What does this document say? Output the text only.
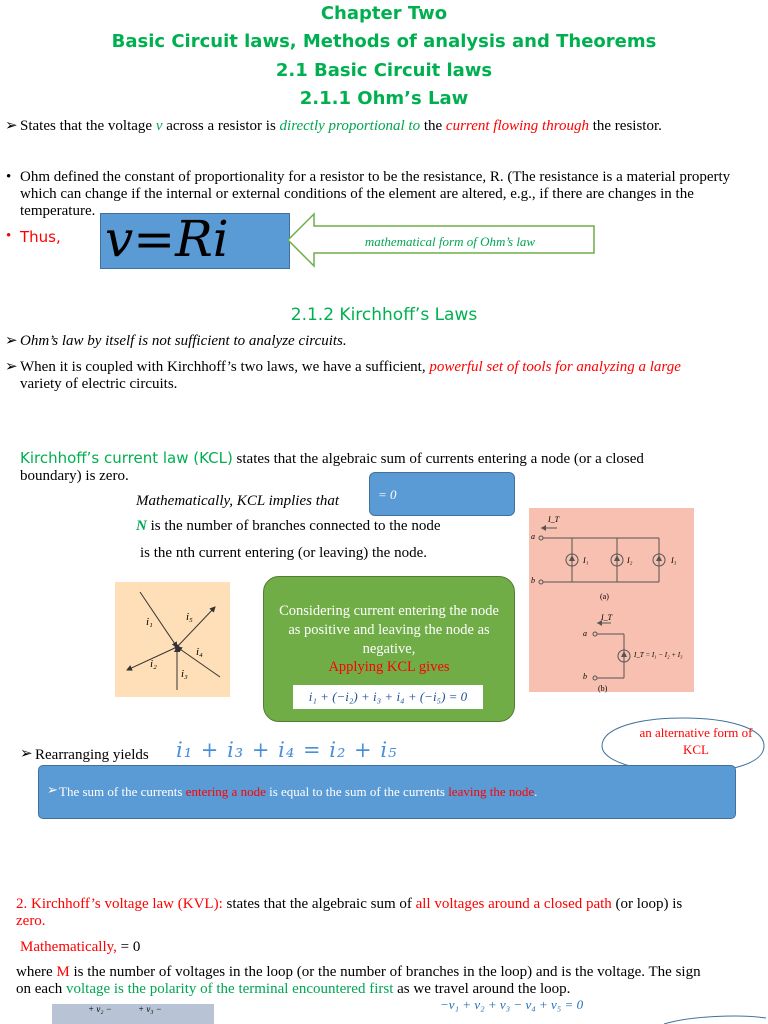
Chapter Two
Basic Circuit laws, Methods of analysis and Theorems
2.1 Basic Circuit laws
2.1.1 Ohm’s Law
➢ States that the voltage v across a resistor is directly proportional to the current flowing through the resistor.
• Ohm defined the constant of proportionality for a resistor to be the resistance, R. (The resistance is a material property which can change if the internal or external conditions of the element are altered, e.g., if there are changes in the temperature.
• Thus, v=Ri	mathematical form of Ohm’s law
2.1.2 Kirchhoff’s Laws
➢ Ohm’s law by itself is not sufficient to analyze circuits.
➢ When it is coupled with Kirchhoff’s two laws, we have a sufficient, powerful set of tools for analyzing a large
variety of electric circuits.
Kirchhoff’s current law (KCL) states that the algebraic sum of currents entering a node (or a closed
boundary) is zero.
Mathematically, KCL implies that	= 0
N is the number of branches connected to the node
is the nth current entering (or leaving) the node.
i₁	i₅
i₂
i₄
i₃
Considering current entering the node as positive and leaving the node as negative,
Applying KCL gives
i₁ + (−i₂) + i₃ + i₄ + (−i₅) = 0
I_T
a
b
I₁	I₂	I₃
(a)
I_T
a
b
I_T = I₁ − I₂ + I₃
(b)
➢ Rearranging yields i₁ + i₃ + i₄ = i₂ + i₅
an alternative form of KCL
➢ The sum of the currents entering a node is equal to the sum of the currents leaving the node.
2. Kirchhoff’s voltage law (KVL): states that the algebraic sum of all voltages around a closed path (or loop) is
zero.
Mathematically, = 0
where M is the number of voltages in the loop (or the number of branches in the loop) and is the voltage. The sign
on each voltage is the polarity of the terminal encountered first as we travel around the loop.
+ v₂ −	+ v₃ −	−v₁ + v₂ + v₃ − v₄ + v₅ = 0
